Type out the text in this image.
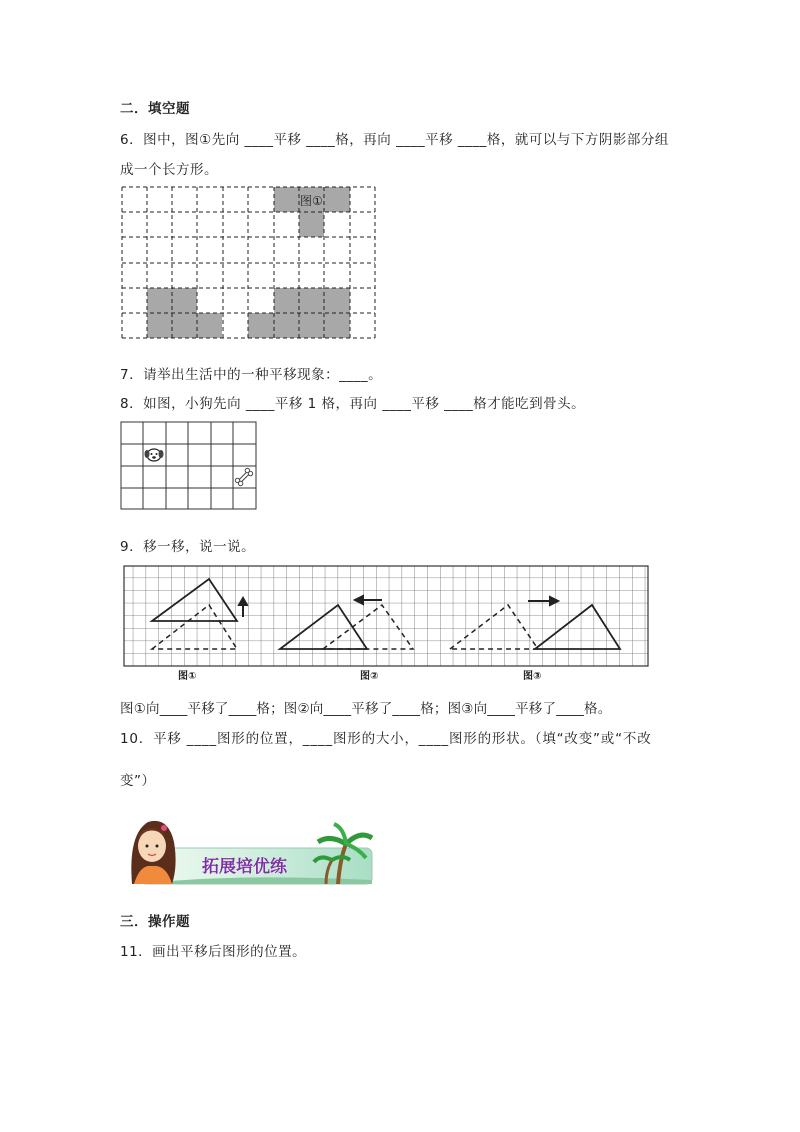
二．填空题
6．图中，图①先向 ____平移 ____格，再向 ____平移 ____格，就可以与下方阴影部分组
成一个长方形。
图①
7．请举出生活中的一种平移现象：____。
8．如图，小狗先向 ____平移 1 格，再向 ____平移 ____格才能吃到骨头。
9．移一移，说一说。
图①	图②	图③
图①向____平移了____格；图②向____平移了____格；图③向____平移了____格。
10．平移 ____图形的位置，____图形的大小，____图形的形状。（填“改变”或“不改
变”）
拓展培优练
三．操作题
11．画出平移后图形的位置。
